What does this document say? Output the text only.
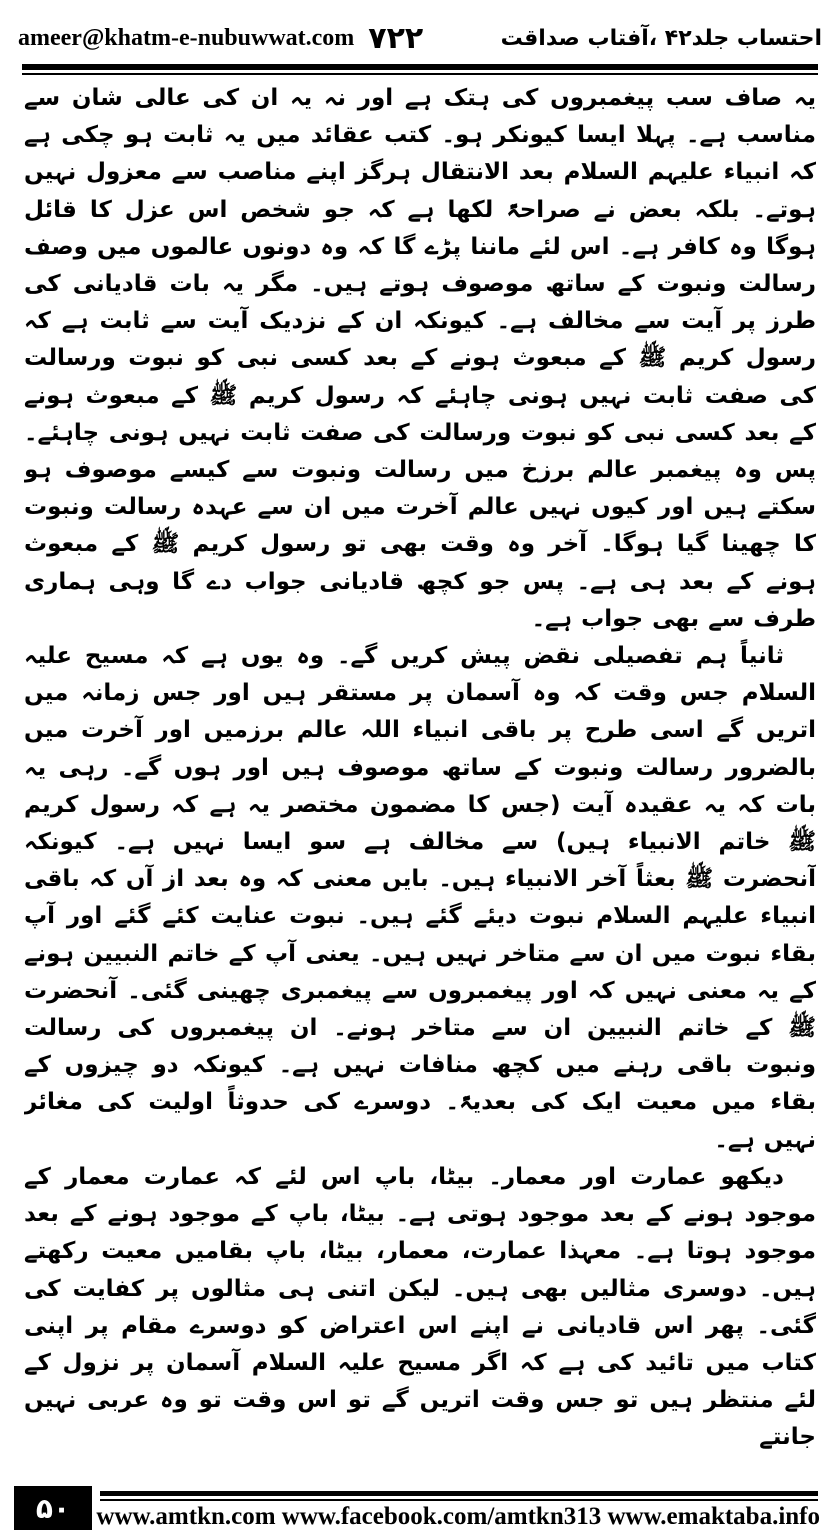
ameer@khatm-e-nubuwwat.com ۷۲۲	احتساب جلد۴۲ ،آفتاب صداقت

یہ صاف سب پیغمبروں کی ہتک ہے اور نہ یہ ان کی عالی شان سے مناسب ہے۔ پہلا ایسا کیونکر ہو۔ کتب عقائد میں یہ ثابت ہو چکی ہے کہ انبیاء علیہم السلام بعد الانتقال ہرگز اپنے مناصب سے معزول نہیں ہوتے۔ بلکہ بعض نے صراحۃً لکھا ہے کہ جو شخص اس عزل کا قائل ہوگا وہ کافر ہے۔ اس لئے ماننا پڑے گا کہ وہ دونوں عالموں میں وصف رسالت ونبوت کے ساتھ موصوف ہوتے ہیں۔ مگر یہ بات قادیانی کی طرز پر آیت سے مخالف ہے۔ کیونکہ ان کے نزدیک آیت سے ثابت ہے کہ رسول کریم ﷺ کے مبعوث ہونے کے بعد کسی نبی کو نبوت ورسالت کی صفت ثابت نہیں ہونی چاہئے کہ رسول کریم ﷺ کے مبعوث ہونے کے بعد کسی نبی کو نبوت ورسالت کی صفت ثابت نہیں ہونی چاہئے۔ پس وہ پیغمبر عالم برزخ میں رسالت ونبوت سے کیسے موصوف ہو سکتے ہیں اور کیوں نہیں عالم آخرت میں ان سے عہدہ رسالت ونبوت کا چھینا گیا ہوگا۔ آخر وہ وقت بھی تو رسول کریم ﷺ کے مبعوث ہونے کے بعد ہی ہے۔ پس جو کچھ قادیانی جواب دے گا وہی ہماری طرف سے بھی جواب ہے۔

ثانیاً ہم تفصیلی نقض پیش کریں گے۔ وہ یوں ہے کہ مسیح علیہ السلام جس وقت کہ وہ آسمان پر مستقر ہیں اور جس زمانہ میں اتریں گے اسی طرح پر باقی انبیاء اللہ عالم برزمیں اور آخرت میں بالضرور رسالت ونبوت کے ساتھ موصوف ہیں اور ہوں گے۔ رہی یہ بات کہ یہ عقیدہ آیت (جس کا مضمون مختصر یہ ہے کہ رسول کریم ﷺ خاتم الانبیاء ہیں) سے مخالف ہے سو ایسا نہیں ہے۔ کیونکہ آنحضرت ﷺ بعثاً آخر الانبیاء ہیں۔ بایں معنی کہ وہ بعد از آں کہ باقی انبیاء علیہم السلام نبوت دیئے گئے ہیں۔ نبوت عنایت کئے گئے اور آپ بقاء نبوت میں ان سے متاخر نہیں ہیں۔ یعنی آپ کے خاتم النبیین ہونے کے یہ معنی نہیں کہ اور پیغمبروں سے پیغمبری چھینی گئی۔ آنحضرت ﷺ کے خاتم النبیین ان سے متاخر ہونے۔ ان پیغمبروں کی رسالت ونبوت باقی رہنے میں کچھ منافات نہیں ہے۔ کیونکہ دو چیزوں کے بقاء میں معیت ایک کی بعدیۃً۔ دوسرے کی حدوثاً اولیت کی مغائر نہیں ہے۔

دیکھو عمارت اور معمار۔ بیٹا، باپ اس لئے کہ عمارت معمار کے موجود ہونے کے بعد موجود ہوتی ہے۔ بیٹا، باپ کے موجود ہونے کے بعد موجود ہوتا ہے۔ معہذا عمارت، معمار، بیٹا، باپ بقامیں معیت رکھتے ہیں۔ دوسری مثالیں بھی ہیں۔ لیکن اتنی ہی مثالوں پر کفایت کی گئی۔ پھر اس قادیانی نے اپنے اس اعتراض کو دوسرے مقام پر اپنی کتاب میں تائید کی ہے کہ اگر مسیح علیہ السلام آسمان پر نزول کے لئے منتظر ہیں تو جس وقت اتریں گے تو اس وقت تو وہ عربی نہیں جانتے

۵۰	www.amtkn.com www.facebook.com/amtkn313 www.emaktaba.info
